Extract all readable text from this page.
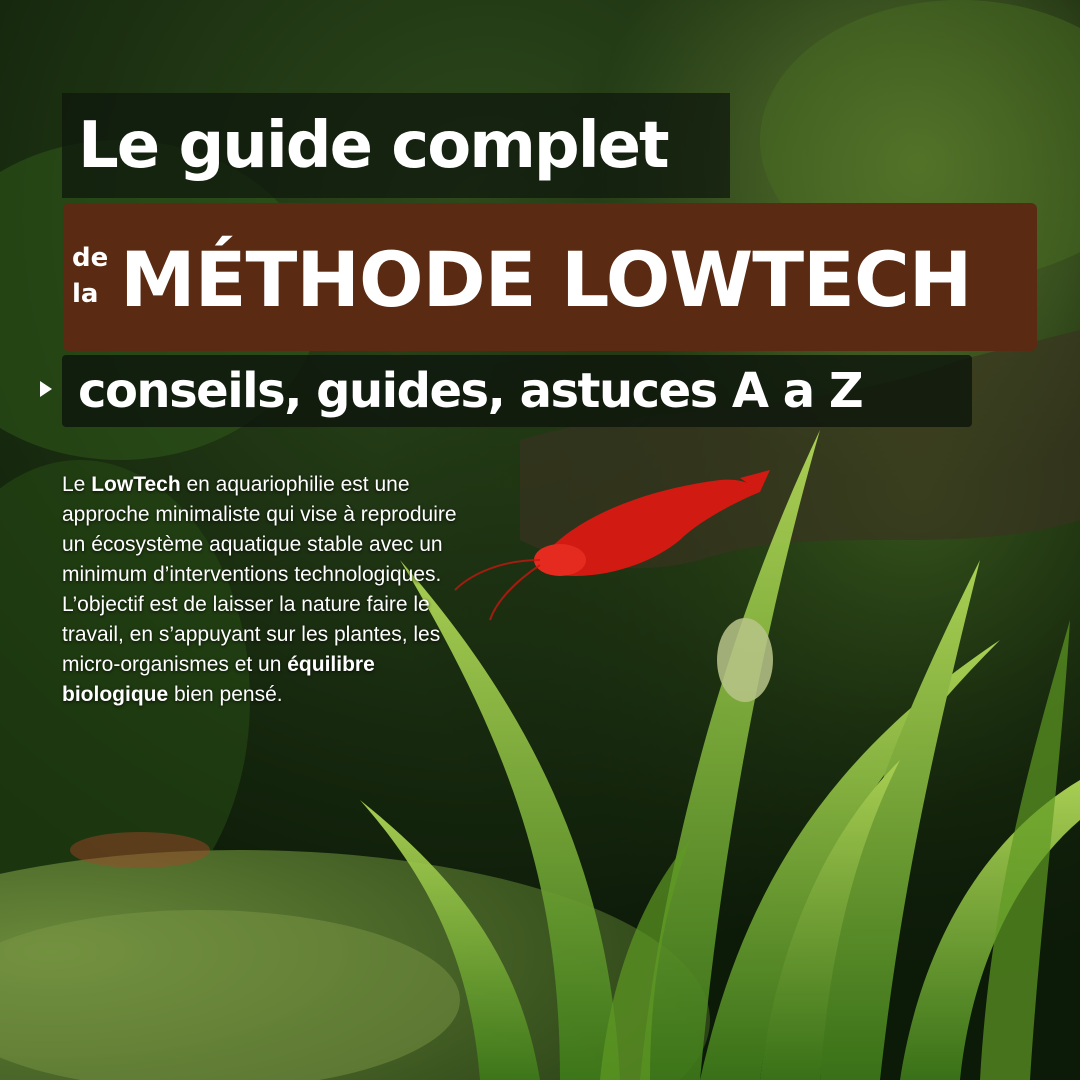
Le guide complet
de
la MÉTHODE LOWTECH
conseils, guides, astuces A a Z
Le LowTech en aquariophilie est une approche minimaliste qui vise à reproduire un écosystème aquatique stable avec un minimum d’interventions technologiques. L’objectif est de laisser la nature faire le travail, en s’appuyant sur les plantes, les micro-organismes et un équilibre biologique bien pensé.
